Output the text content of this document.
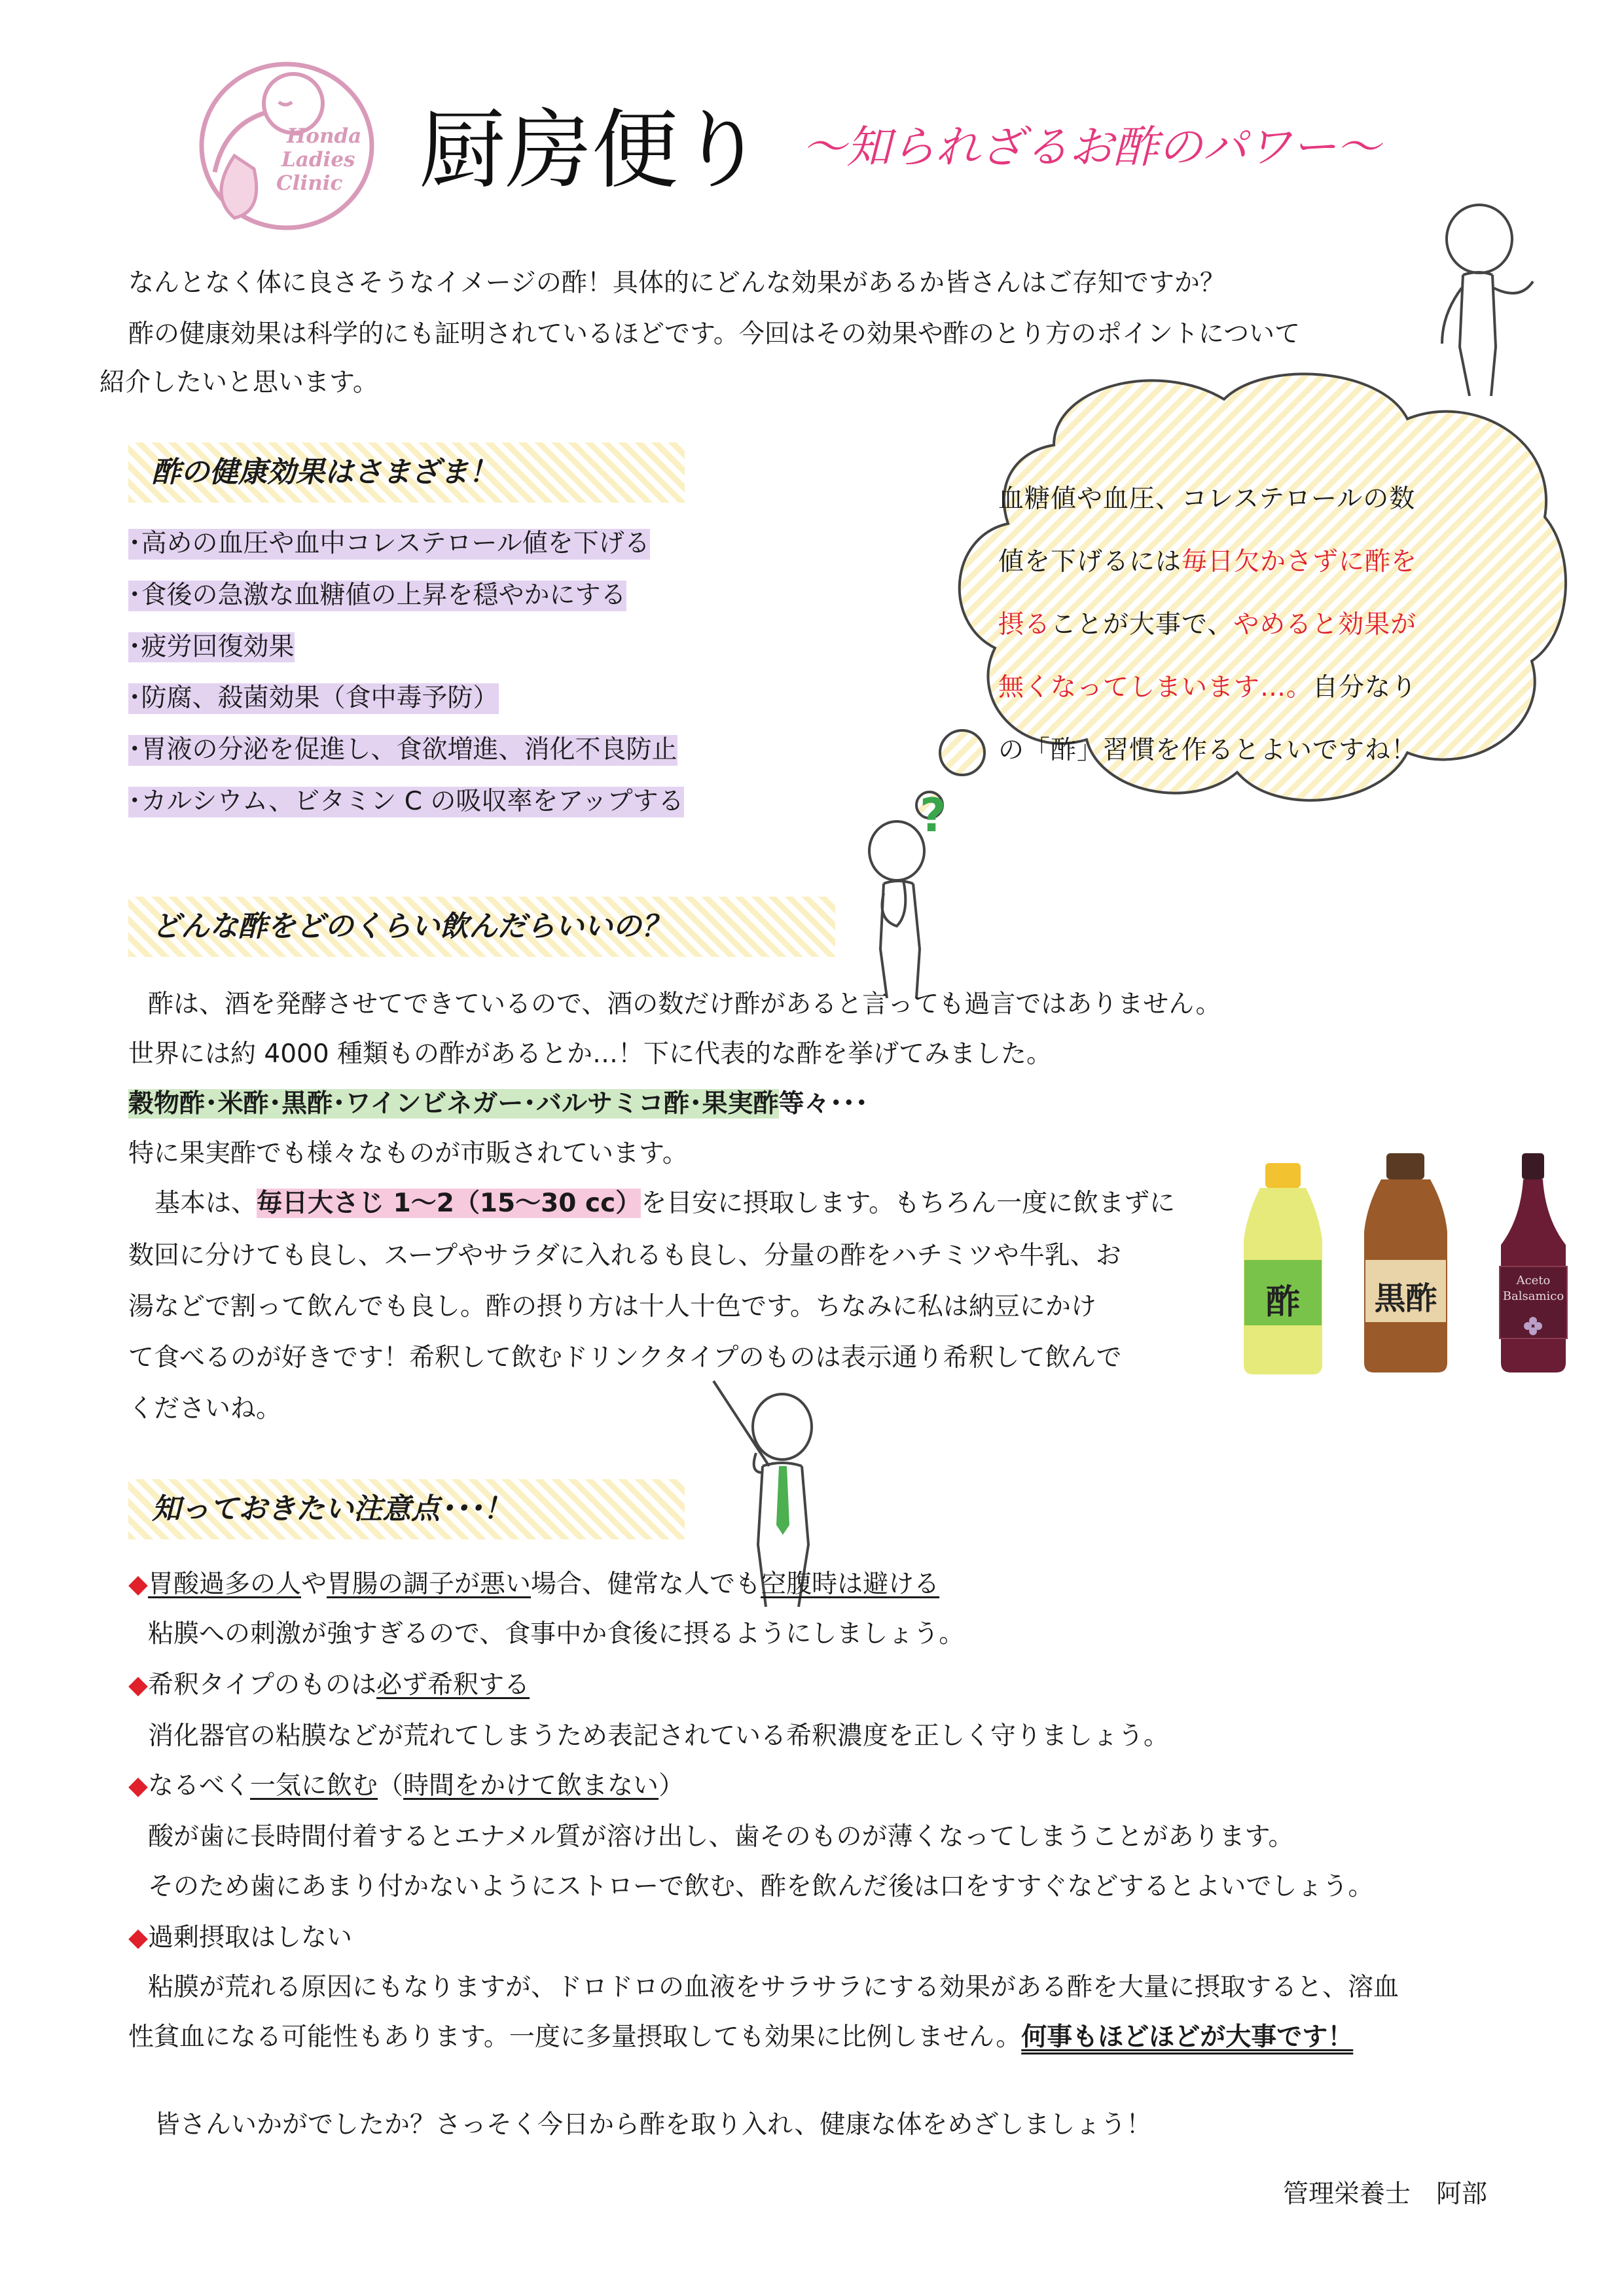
Honda
Ladies
Clinic 厨房便り ～知られざるお酢のパワー～
なんとなく体に良さそうなイメージの酢！具体的にどんな効果があるか皆さんはご存知ですか？
酢の健康効果は科学的にも証明されているほどです。今回はその効果や酢のとり方のポイントについて
紹介したいと思います。
酢の健康効果はさまざま！
･高めの血圧や血中コレステロール値を下げる
･食後の急激な血糖値の上昇を穏やかにする
･疲労回復効果
･防腐、殺菌効果（食中毒予防）
･胃液の分泌を促進し、食欲増進、消化不良防止
･カルシウム、ビタミン C の吸収率をアップする
血糖値や血圧、コレステロールの数
値を下げるには毎日欠かさずに酢を
摂ることが大事で、やめると効果が
無くなってしまいます…。自分なり
の「酢」習慣を作るとよいですね！
?
どんな酢をどのくらい飲んだらいいの？
酢は、酒を発酵させてできているので、酒の数だけ酢があると言っても過言ではありません。
世界には約 4000 種類もの酢があるとか…！下に代表的な酢を挙げてみました。
穀物酢･米酢･黒酢･ワインビネガー･バルサミコ酢･果実酢等々･･･
特に果実酢でも様々なものが市販されています。
基本は、毎日大さじ 1～2（15～30 cc）を目安に摂取します。もちろん一度に飲まずに
数回に分けても良し、スープやサラダに入れるも良し、分量の酢をハチミツや牛乳、お
湯などで割って飲んでも良し。酢の摂り方は十人十色です。ちなみに私は納豆にかけ
て食べるのが好きです！希釈して飲むドリンクタイプのものは表示通り希釈して飲んで
くださいね。
酢	黒酢	Aceto
Balsamico
知っておきたい注意点･･･！
◆胃酸過多の人や胃腸の調子が悪い場合、健常な人でも空腹時は避ける
粘膜への刺激が強すぎるので、食事中か食後に摂るようにしましょう。
◆希釈タイプのものは必ず希釈する
消化器官の粘膜などが荒れてしまうため表記されている希釈濃度を正しく守りましょう。
◆なるべく一気に飲む（時間をかけて飲まない）
酸が歯に長時間付着するとエナメル質が溶け出し、歯そのものが薄くなってしまうことがあります。
そのため歯にあまり付かないようにストローで飲む、酢を飲んだ後は口をすすぐなどするとよいでしょう。
◆過剰摂取はしない
粘膜が荒れる原因にもなりますが、ドロドロの血液をサラサラにする効果がある酢を大量に摂取すると、溶血
性貧血になる可能性もあります。一度に多量摂取しても効果に比例しません。何事もほどほどが大事です！
皆さんいかがでしたか？さっそく今日から酢を取り入れ、健康な体をめざしましょう！
管理栄養士　阿部
